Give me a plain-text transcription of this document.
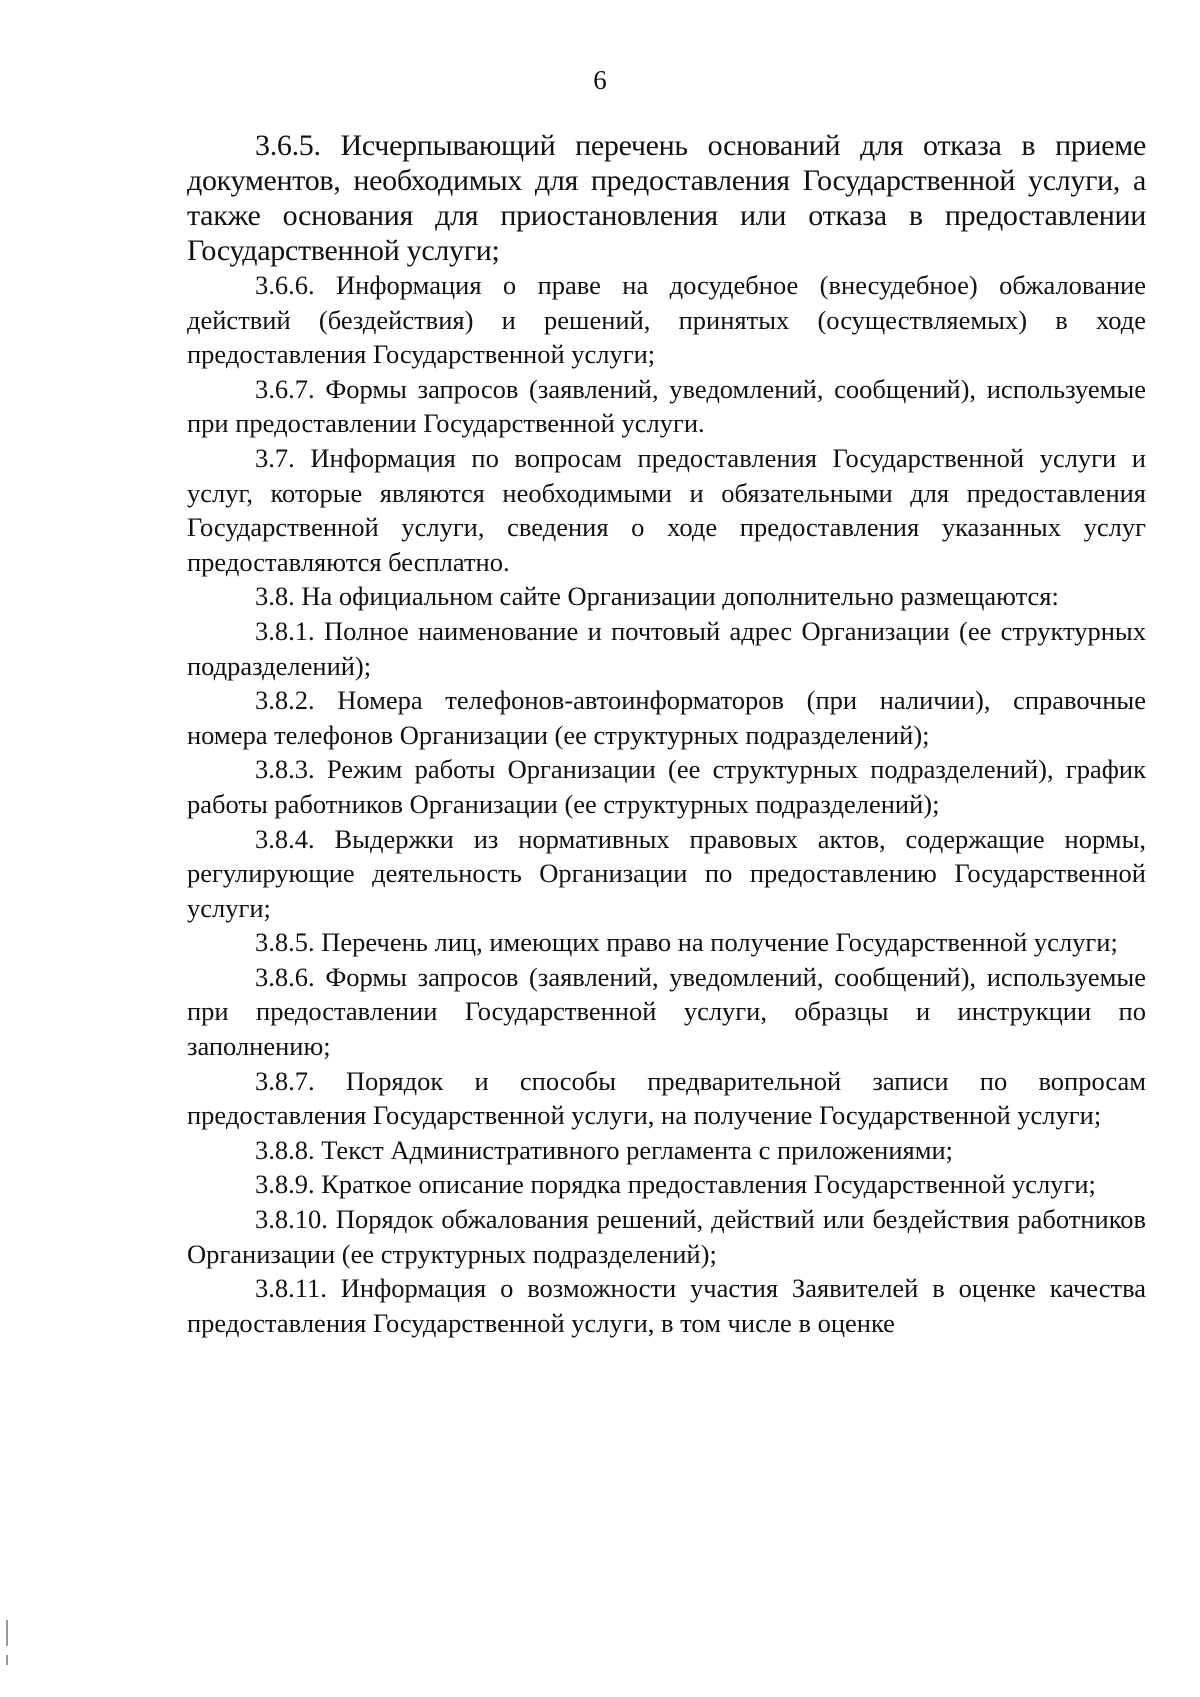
6

3.6.5. Исчерпывающий перечень оснований для отказа в приеме документов, необходимых для предоставления Государственной услуги, а также основания для приостановления или отказа в предоставлении Государственной услуги;

3.6.6. Информация о праве на досудебное (внесудебное) обжалование действий (бездействия) и решений, принятых (осуществляемых) в ходе предоставления Государственной услуги;

3.6.7. Формы запросов (заявлений, уведомлений, сообщений), используемые при предоставлении Государственной услуги.

3.7. Информация по вопросам предоставления Государственной услуги и услуг, которые являются необходимыми и обязательными для предоставления Государственной услуги, сведения о ходе предоставления указанных услуг предоставляются бесплатно.

3.8. На официальном сайте Организации дополнительно размещаются:

3.8.1. Полное наименование и почтовый адрес Организации (ее структурных подразделений);

3.8.2. Номера телефонов-автоинформаторов (при наличии), справочные номера телефонов Организации (ее структурных подразделений);

3.8.3. Режим работы Организации (ее структурных подразделений), график работы работников Организации (ее структурных подразделений);

3.8.4. Выдержки из нормативных правовых актов, содержащие нормы, регулирующие деятельность Организации по предоставлению Государственной услуги;

3.8.5. Перечень лиц, имеющих право на получение Государственной услуги;

3.8.6. Формы запросов (заявлений, уведомлений, сообщений), используемые при предоставлении Государственной услуги, образцы и инструкции по заполнению;

3.8.7. Порядок и способы предварительной записи по вопросам предоставления Государственной услуги, на получение Государственной услуги;

3.8.8. Текст Административного регламента с приложениями;

3.8.9. Краткое описание порядка предоставления Государственной услуги;

3.8.10. Порядок обжалования решений, действий или бездействия работников Организации (ее структурных подразделений);

3.8.11. Информация о возможности участия Заявителей в оценке качества предоставления Государственной услуги, в том числе в оценке
